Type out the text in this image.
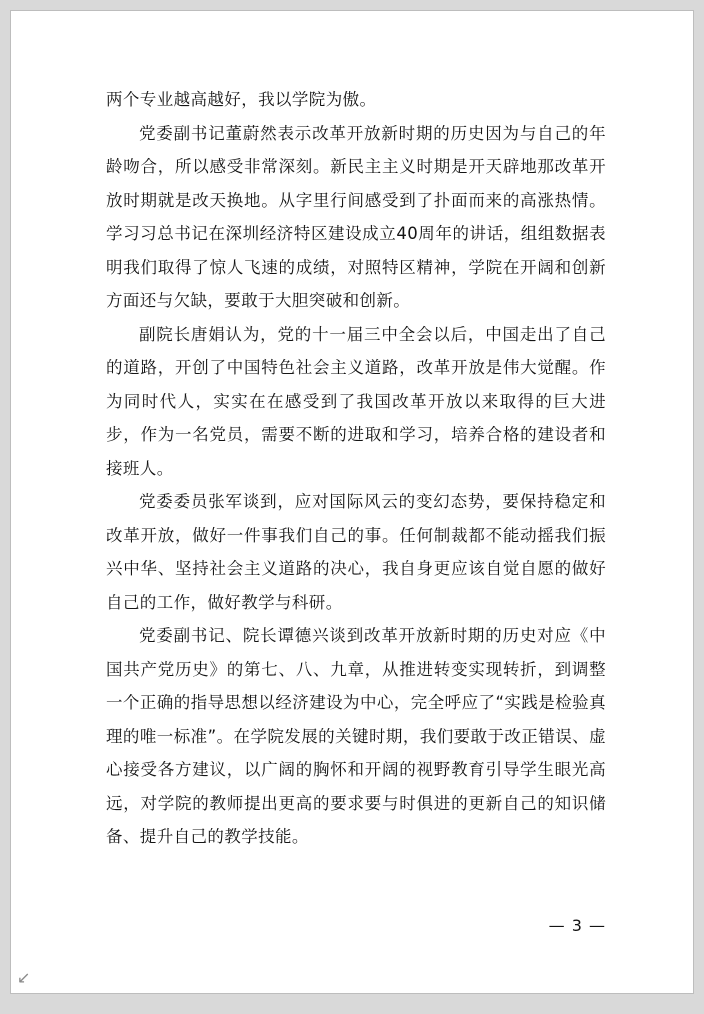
两个专业越高越好，我以学院为傲。

党委副书记董蔚然表示改革开放新时期的历史因为与自己的年龄吻合，所以感受非常深刻。新民主主义时期是开天辟地那改革开放时期就是改天换地。从字里行间感受到了扑面而来的高涨热情。学习习总书记在深圳经济特区建设成立40周年的讲话，组组数据表明我们取得了惊人飞速的成绩，对照特区精神，学院在开阔和创新方面还与欠缺，要敢于大胆突破和创新。

副院长唐娟认为，党的十一届三中全会以后，中国走出了自己的道路，开创了中国特色社会主义道路，改革开放是伟大觉醒。作为同时代人，实实在在感受到了我国改革开放以来取得的巨大进步，作为一名党员，需要不断的进取和学习，培养合格的建设者和接班人。

党委委员张军谈到，应对国际风云的变幻态势，要保持稳定和改革开放，做好一件事我们自己的事。任何制裁都不能动摇我们振兴中华、坚持社会主义道路的决心，我自身更应该自觉自愿的做好自己的工作，做好教学与科研。

党委副书记、院长谭德兴谈到改革开放新时期的历史对应《中国共产党历史》的第七、八、九章，从推进转变实现转折，到调整一个正确的指导思想以经济建设为中心，完全呼应了“实践是检验真理的唯一标准”。在学院发展的关键时期，我们要敢于改正错误、虚心接受各方建议，以广阔的胸怀和开阔的视野教育引导学生眼光高远，对学院的教师提出更高的要求要与时俱进的更新自己的知识储备、提升自己的教学技能。

— 3 —
↙
